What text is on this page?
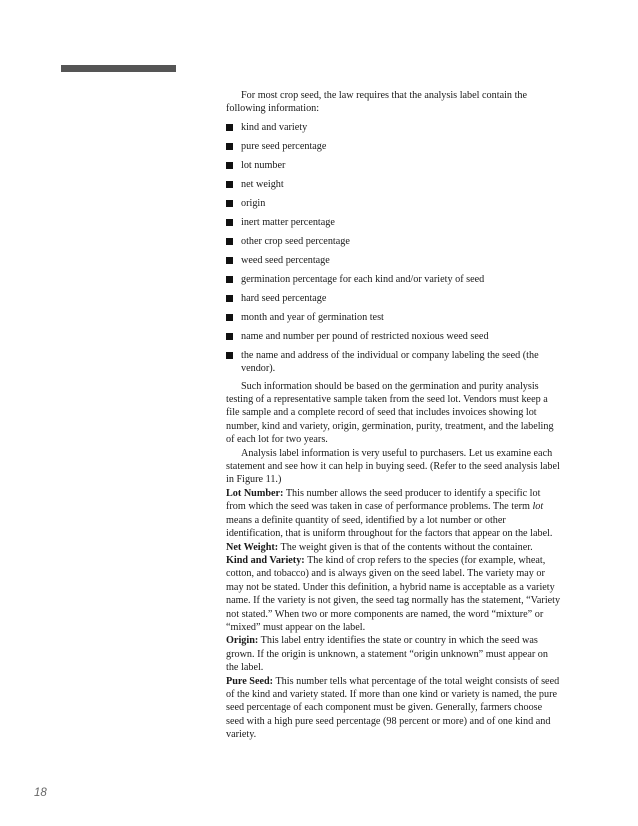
For most crop seed, the law requires that the analysis label contain the following information:

kind and variety
pure seed percentage
lot number
net weight
origin
inert matter percentage
other crop seed percentage
weed seed percentage
germination percentage for each kind and/or variety of seed
hard seed percentage
month and year of germination test
name and number per pound of restricted noxious weed seed
the name and address of the individual or company labeling the seed (the vendor).

Such information should be based on the germination and purity analysis testing of a representative sample taken from the seed lot. Vendors must keep a file sample and a complete record of seed that includes invoices showing lot number, kind and variety, origin, germination, purity, treatment, and the labeling of each lot for two years.

Analysis label information is very useful to purchasers. Let us examine each statement and see how it can help in buying seed. (Refer to the seed analysis label in Figure 11.)

Lot Number: This number allows the seed producer to identify a specific lot from which the seed was taken in case of performance problems. The term lot means a definite quantity of seed, identified by a lot number or other identification, that is uniform throughout for the factors that appear on the label.

Net Weight: The weight given is that of the contents without the container.

Kind and Variety: The kind of crop refers to the species (for example, wheat, cotton, and tobacco) and is always given on the seed label. The variety may or may not be stated. Under this definition, a hybrid name is acceptable as a variety name. If the variety is not given, the seed tag normally has the statement, “Variety not stated.” When two or more components are named, the word “mixture” or “mixed” must appear on the label.

Origin: This label entry identifies the state or country in which the seed was grown. If the origin is unknown, a statement “origin unknown” must appear on the label.

Pure Seed: This number tells what percentage of the total weight consists of seed of the kind and variety stated. If more than one kind or variety is named, the pure seed percentage of each component must be given. Generally, farmers choose seed with a high pure seed percentage (98 percent or more) and of one kind and variety.

18
